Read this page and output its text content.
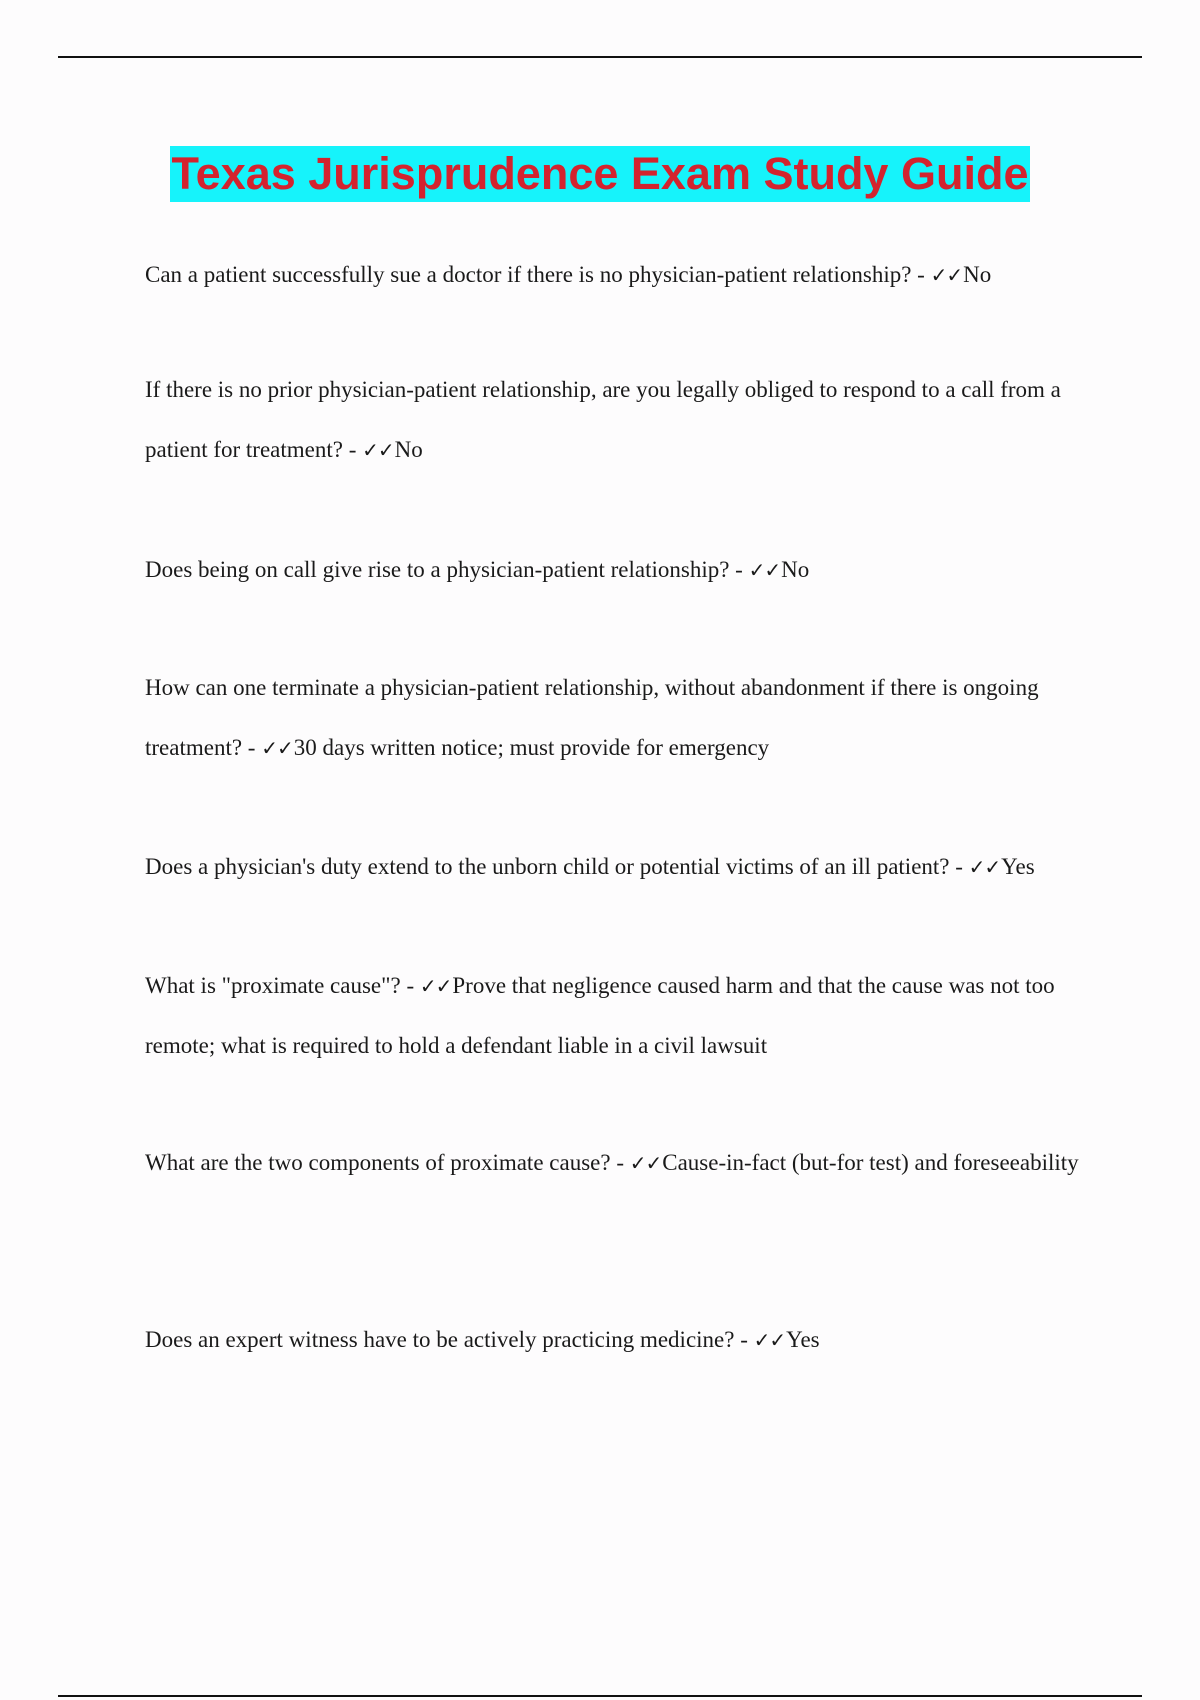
Texas Jurisprudence Exam Study Guide

Can a patient successfully sue a doctor if there is no physician-patient relationship? - ✓✓No

If there is no prior physician-patient relationship, are you legally obliged to respond to a call from a patient for treatment? - ✓✓No

Does being on call give rise to a physician-patient relationship? - ✓✓No

How can one terminate a physician-patient relationship, without abandonment if there is ongoing treatment? - ✓✓30 days written notice; must provide for emergency

Does a physician's duty extend to the unborn child or potential victims of an ill patient? - ✓✓Yes

What is "proximate cause"? - ✓✓Prove that negligence caused harm and that the cause was not too remote; what is required to hold a defendant liable in a civil lawsuit

What are the two components of proximate cause? - ✓✓Cause-in-fact (but-for test) and foreseeability

Does an expert witness have to be actively practicing medicine? - ✓✓Yes
